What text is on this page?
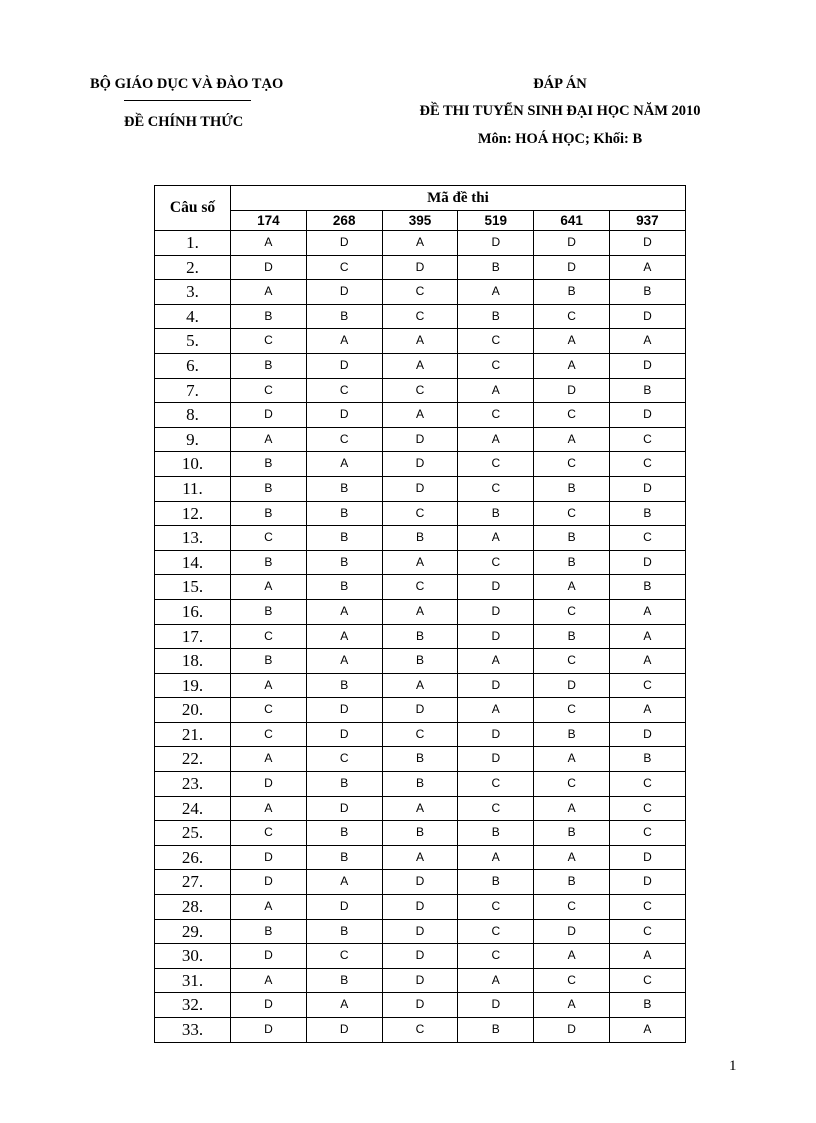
BỘ GIÁO DỤC VÀ ĐÀO TẠO
ĐỀ CHÍNH THỨC
ĐÁP ÁN
ĐỀ THI TUYỂN SINH ĐẠI HỌC NĂM 2010
Môn: HOÁ HỌC; Khối: B
Câu số	Mã đề thi					
	174	268	395	519	641	937
1.	A	D	A	D	D	D
2.	D	C	D	B	D	A
3.	A	D	C	A	B	B
4.	B	B	C	B	C	D
5.	C	A	A	C	A	A
6.	B	D	A	C	A	D
7.	C	C	C	A	D	B
8.	D	D	A	C	C	D
9.	A	C	D	A	A	C
10.	B	A	D	C	C	C
11.	B	B	D	C	B	D
12.	B	B	C	B	C	B
13.	C	B	B	A	B	C
14.	B	B	A	C	B	D
15.	A	B	C	D	A	B
16.	B	A	A	D	C	A
17.	C	A	B	D	B	A
18.	B	A	B	A	C	A
19.	A	B	A	D	D	C
20.	C	D	D	A	C	A
21.	C	D	C	D	B	D
22.	A	C	B	D	A	B
23.	D	B	B	C	C	C
24.	A	D	A	C	A	C
25.	C	B	B	B	B	C
26.	D	B	A	A	A	D
27.	D	A	D	B	B	D
28.	A	D	D	C	C	C
29.	B	B	D	C	D	C
30.	D	C	D	C	A	A
31.	A	B	D	A	C	C
32.	D	A	D	D	A	B
33.	D	D	C	B	D	A
1
